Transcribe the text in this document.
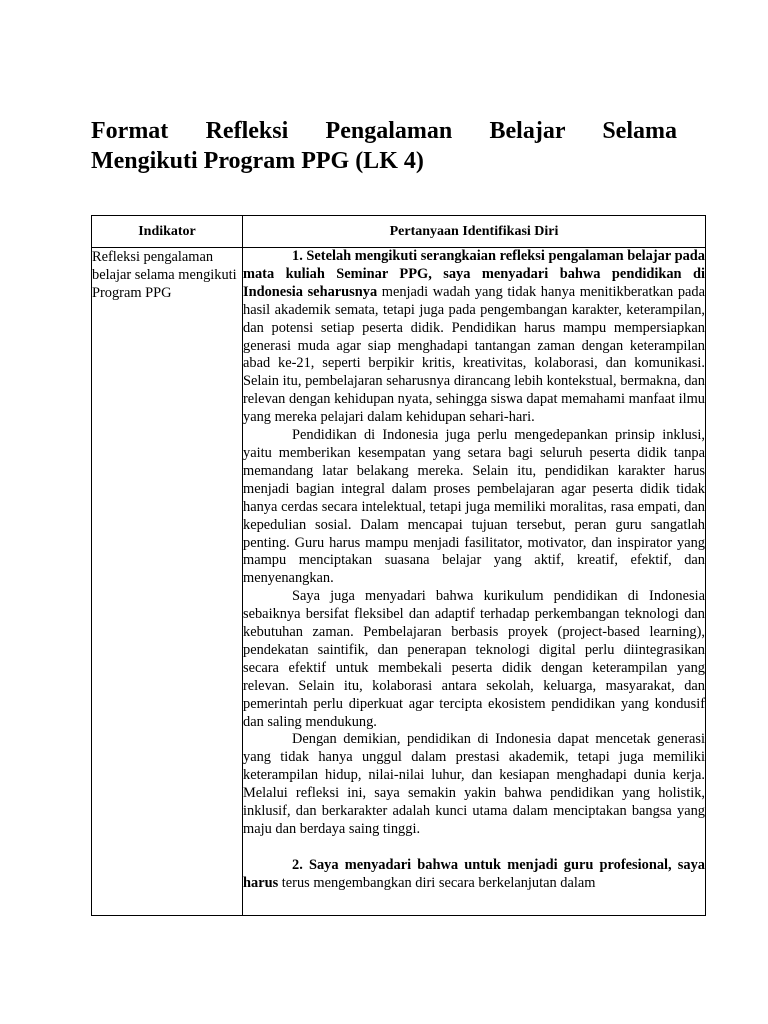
Format Refleksi Pengalaman Belajar Selama
Mengikuti Program PPG (LK 4)
Indikator	Pertanyaan Identifikasi Diri
Refleksi pengalaman belajar selama mengikuti Program PPG	1. Setelah mengikuti serangkaian refleksi pengalaman belajar pada mata kuliah Seminar PPG, saya menyadari bahwa pendidikan di Indonesia seharusnya menjadi wadah yang tidak hanya menitikberatkan pada hasil akademik semata, tetapi juga pada pengembangan karakter, keterampilan, dan potensi setiap peserta didik. Pendidikan harus mampu mempersiapkan generasi muda agar siap menghadapi tantangan zaman dengan keterampilan abad ke-21, seperti berpikir kritis, kreativitas, kolaborasi, dan komunikasi. Selain itu, pembelajaran seharusnya dirancang lebih kontekstual, bermakna, dan relevan dengan kehidupan nyata, sehingga siswa dapat memahami manfaat ilmu yang mereka pelajari dalam kehidupan sehari-hari.

Pendidikan di Indonesia juga perlu mengedepankan prinsip inklusi, yaitu memberikan kesempatan yang setara bagi seluruh peserta didik tanpa memandang latar belakang mereka. Selain itu, pendidikan karakter harus menjadi bagian integral dalam proses pembelajaran agar peserta didik tidak hanya cerdas secara intelektual, tetapi juga memiliki moralitas, rasa empati, dan kepedulian sosial. Dalam mencapai tujuan tersebut, peran guru sangatlah penting. Guru harus mampu menjadi fasilitator, motivator, dan inspirator yang mampu menciptakan suasana belajar yang aktif, kreatif, efektif, dan menyenangkan.

Saya juga menyadari bahwa kurikulum pendidikan di Indonesia sebaiknya bersifat fleksibel dan adaptif terhadap perkembangan teknologi dan kebutuhan zaman. Pembelajaran berbasis proyek (project-based learning), pendekatan saintifik, dan penerapan teknologi digital perlu diintegrasikan secara efektif untuk membekali peserta didik dengan keterampilan yang relevan. Selain itu, kolaborasi antara sekolah, keluarga, masyarakat, dan pemerintah perlu diperkuat agar tercipta ekosistem pendidikan yang kondusif dan saling mendukung.

Dengan demikian, pendidikan di Indonesia dapat mencetak generasi yang tidak hanya unggul dalam prestasi akademik, tetapi juga memiliki keterampilan hidup, nilai-nilai luhur, dan kesiapan menghadapi dunia kerja. Melalui refleksi ini, saya semakin yakin bahwa pendidikan yang holistik, inklusif, dan berkarakter adalah kunci utama dalam menciptakan bangsa yang maju dan berdaya saing tinggi.

2. Saya menyadari bahwa untuk menjadi guru profesional, saya harus terus mengembangkan diri secara berkelanjutan dalam
